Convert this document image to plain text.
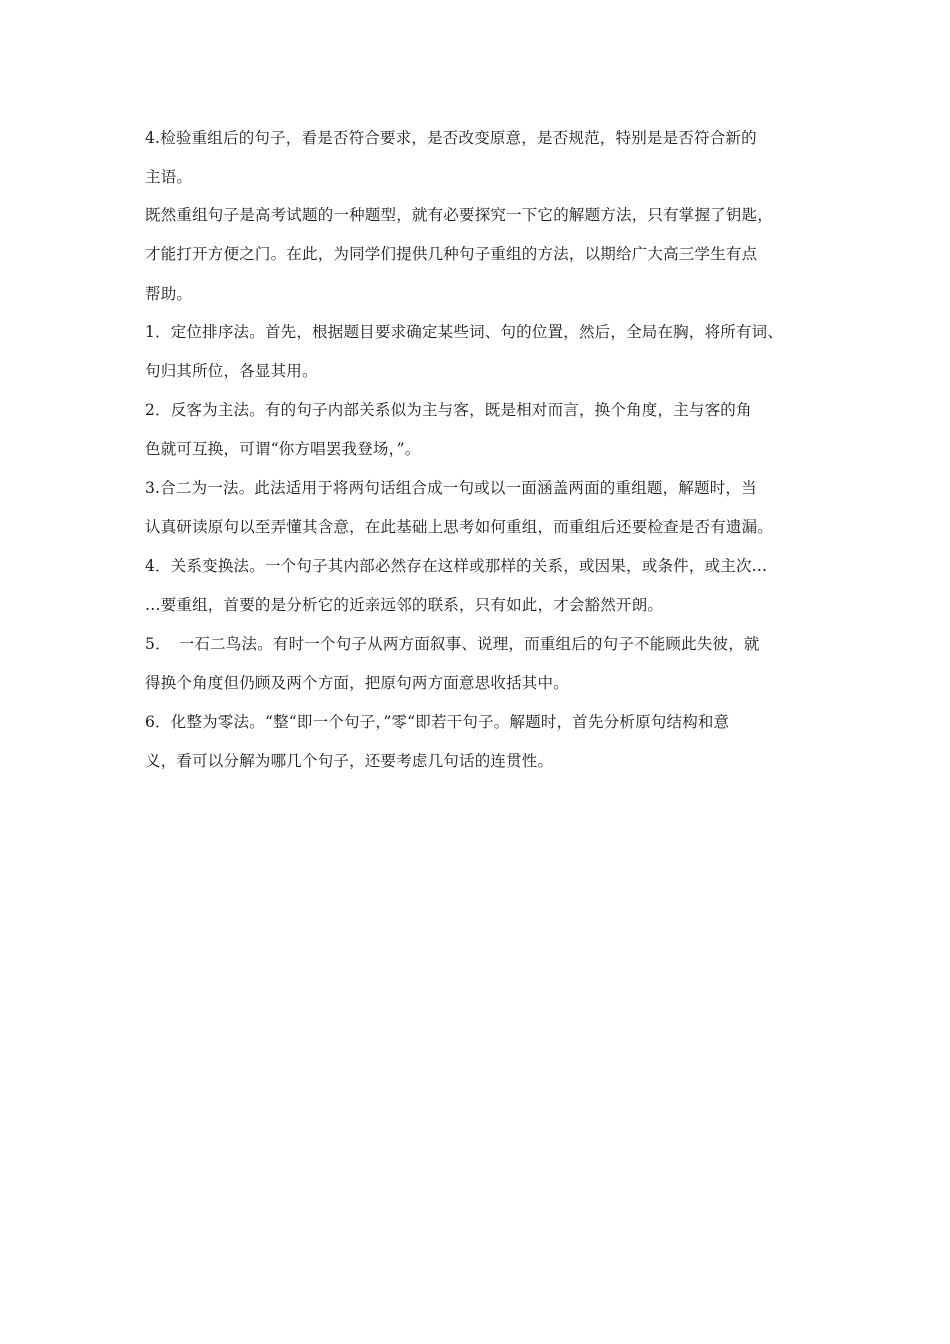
4.检验重组后的句子，看是否符合要求，是否改变原意，是否规范，特别是是否符合新的
主语。
既然重组句子是高考试题的一种题型，就有必要探究一下它的解题方法，只有掌握了钥匙，
才能打开方便之门。在此，为同学们提供几种句子重组的方法，以期给广大高三学生有点
帮助。
1．定位排序法。首先，根据题目要求确定某些词、句的位置，然后，全局在胸，将所有词、
句归其所位，各显其用。
2．反客为主法。有的句子内部关系似为主与客，既是相对而言，换个角度，主与客的角
色就可互换，可谓“你方唱罢我登场，”。
3.合二为一法。此法适用于将两句话组合成一句或以一面涵盖两面的重组题，解题时，当
认真研读原句以至弄懂其含意，在此基础上思考如何重组，而重组后还要检查是否有遗漏。
4．关系变换法。一个句子其内部必然存在这样或那样的关系，或因果，或条件，或主次…
…要重组，首要的是分析它的近亲远邻的联系，只有如此，才会豁然开朗。
5．　一石二鸟法。有时一个句子从两方面叙事、说理，而重组后的句子不能顾此失彼，就
得换个角度但仍顾及两个方面，把原句两方面意思收括其中。
6．化整为零法。“整“即一个句子，”零“即若干句子。解题时，首先分析原句结构和意
义，看可以分解为哪几个句子，还要考虑几句话的连贯性。
